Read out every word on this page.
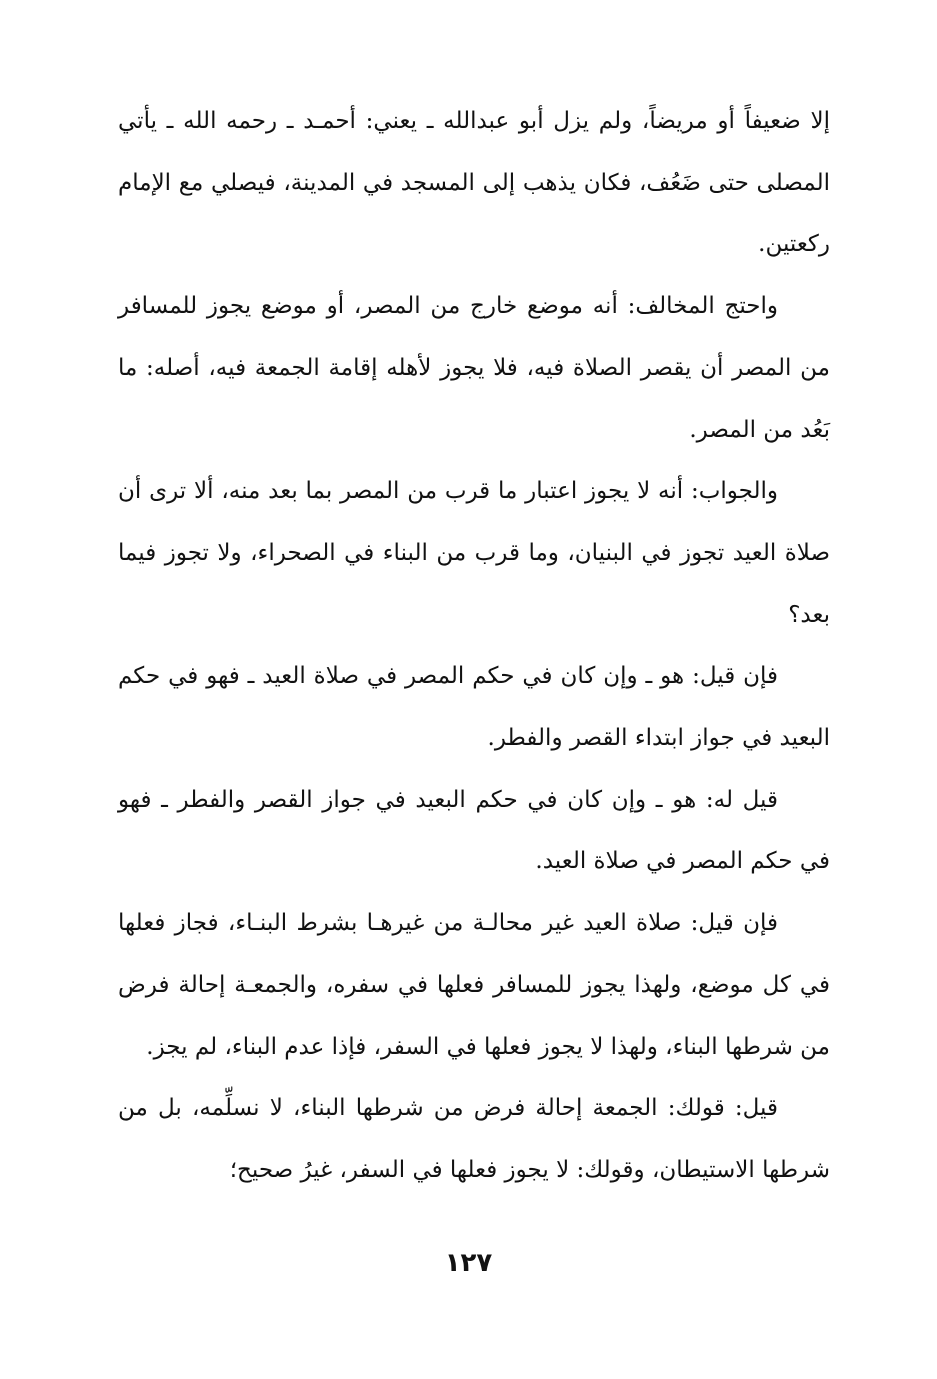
إلا ضعيفاً أو مريضاً، ولم يزل أبو عبدالله ـ يعني: أحمـد ـ رحمه الله ـ يأتي المصلى حتى ضَعُف، فكان يذهب إلى المسجد في المدينة، فيصلي مع الإمام ركعتين.

واحتج المخالف: أنه موضع خارج من المصر، أو موضع يجوز للمسافر من المصر أن يقصر الصلاة فيه، فلا يجوز لأهله إقامة الجمعة فيه، أصله: ما بَعُد من المصر.

والجواب: أنه لا يجوز اعتبار ما قرب من المصر بما بعد منه، ألا ترى أن صلاة العيد تجوز في البنيان، وما قرب من البناء في الصحراء، ولا تجوز فيما بعد؟

فإن قيل: هو ـ وإن كان في حكم المصر في صلاة العيد ـ فهو في حكم البعيد في جواز ابتداء القصر والفطر.

قيل له: هو ـ وإن كان في حكم البعيد في جواز القصر والفطر ـ فهو في حكم المصر في صلاة العيد.

فإن قيل: صلاة العيد غير محالـة من غيرهـا بشرط البنـاء، فجاز فعلها في كل موضع، ولهذا يجوز للمسافر فعلها في سفره، والجمعـة إحالة فرض من شرطها البناء، ولهذا لا يجوز فعلها في السفر، فإذا عدم البناء، لم يجز.

قيل: قولك: الجمعة إحالة فرض من شرطها البناء، لا نسلِّمه، بل من شرطها الاستيطان، وقولك: لا يجوز فعلها في السفر، غيرُ صحيح؛

١٢٧
